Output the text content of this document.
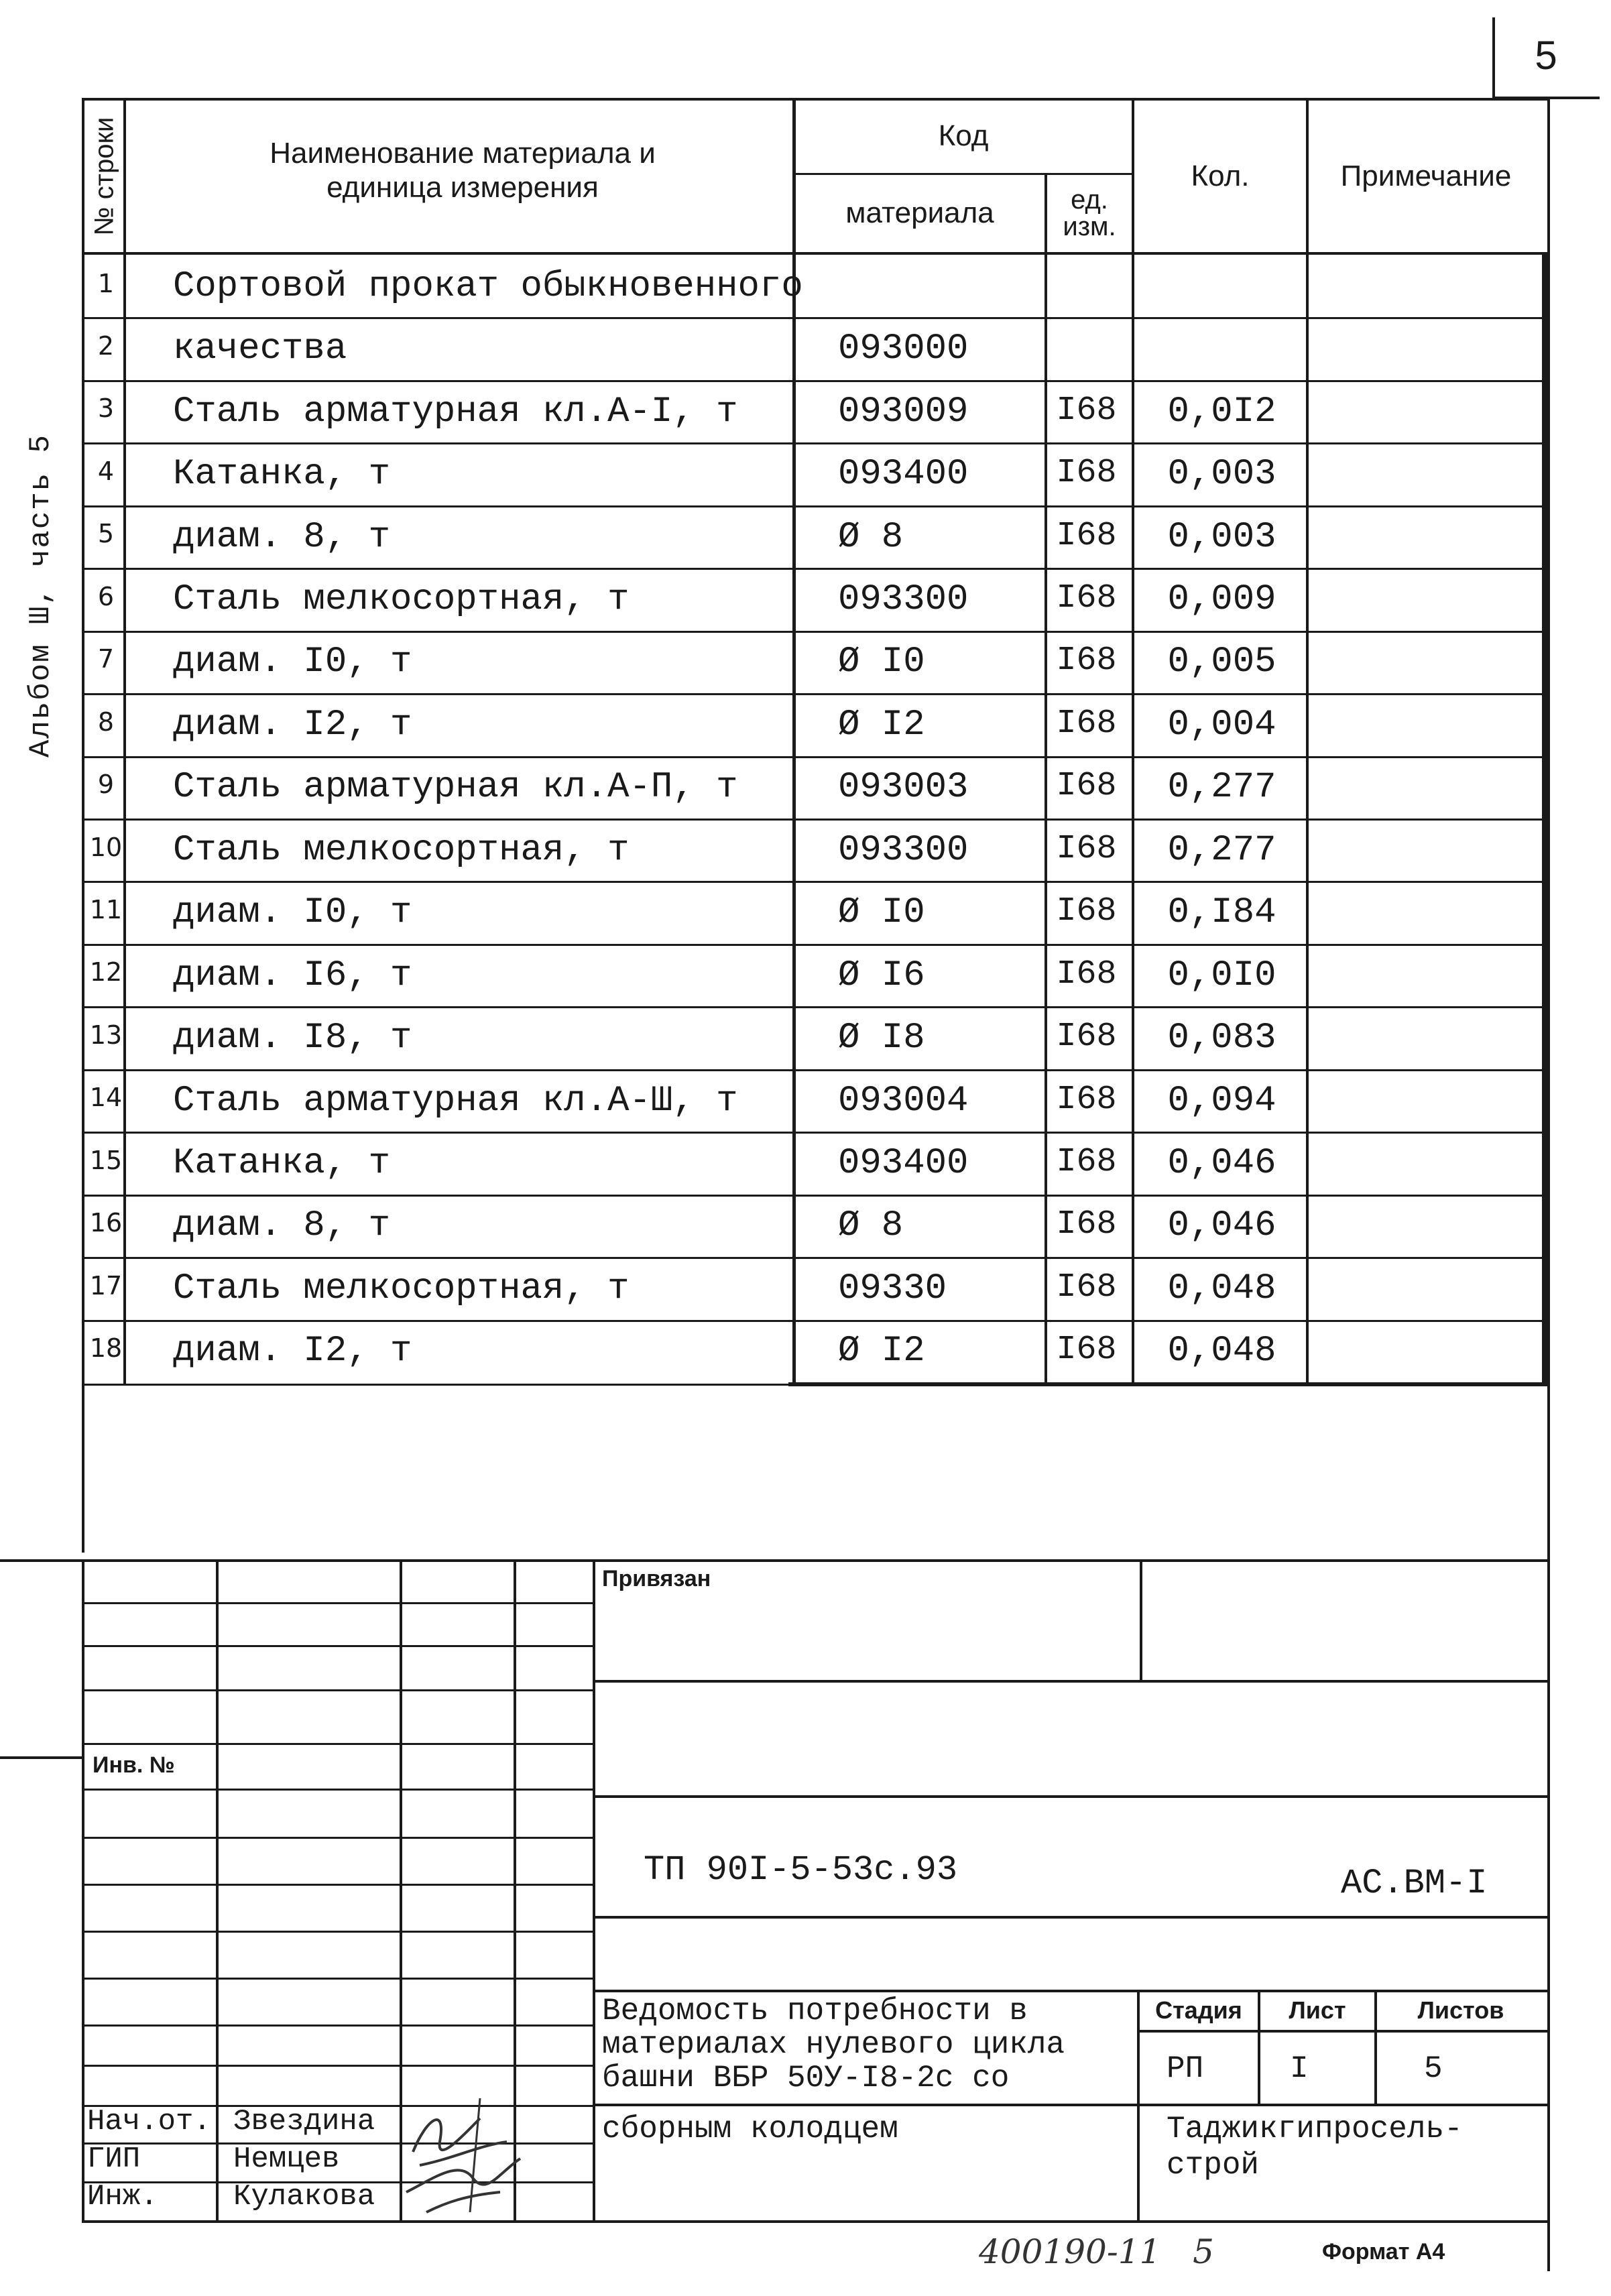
5
Альбом Ш, часть 5
№ строки	Наименование материала и единица измерения
Код
материала	ед. изм.
Кол.	Примечание
1 Сортовой прокат обыкновенного
2 качества	093000
3 Сталь арматурная кл.А-I, т	093009	I68	0,0I2
4 Катанка, т	093400	I68	0,003
5 диам. 8, т	Ø 8	I68	0,003
6 Сталь мелкосортная, т	093300	I68	0,009
7 диам. I0, т	Ø I0	I68	0,005
8 диам. I2, т	Ø I2	I68	0,004
9 Сталь арматурная кл.А-П, т	093003	I68	0,277
10 Сталь мелкосортная, т	093300	I68	0,277
11 диам. I0, т	Ø I0	I68	0,I84
12 диам. I6, т	Ø I6	I68	0,0I0
13 диам. I8, т	Ø I8	I68	0,083
14 Сталь арматурная кл.А-Ш, т	093004	I68	0,094
15 Катанка, т	093400	I68	0,046
16 диам. 8, т	Ø 8	I68	0,046
17 Сталь мелкосортная, т	09330	I68	0,048
18 диам. I2, т	Ø I2	I68	0,048
Инв. №
Нач.от. Звездина
ГИП	Немцев
Инж.	Кулакова
Привязан
ТП 90I-5-53с.93	АС.ВМ-I
Ведомость потребности в
материалах нулевого цикла
башни ВБР 50У-I8-2с со
сборным колодцем
Стадия	Лист	Листов
РП	I	5
Таджикгипросель-
строй
400190-11   5	Формат А4
